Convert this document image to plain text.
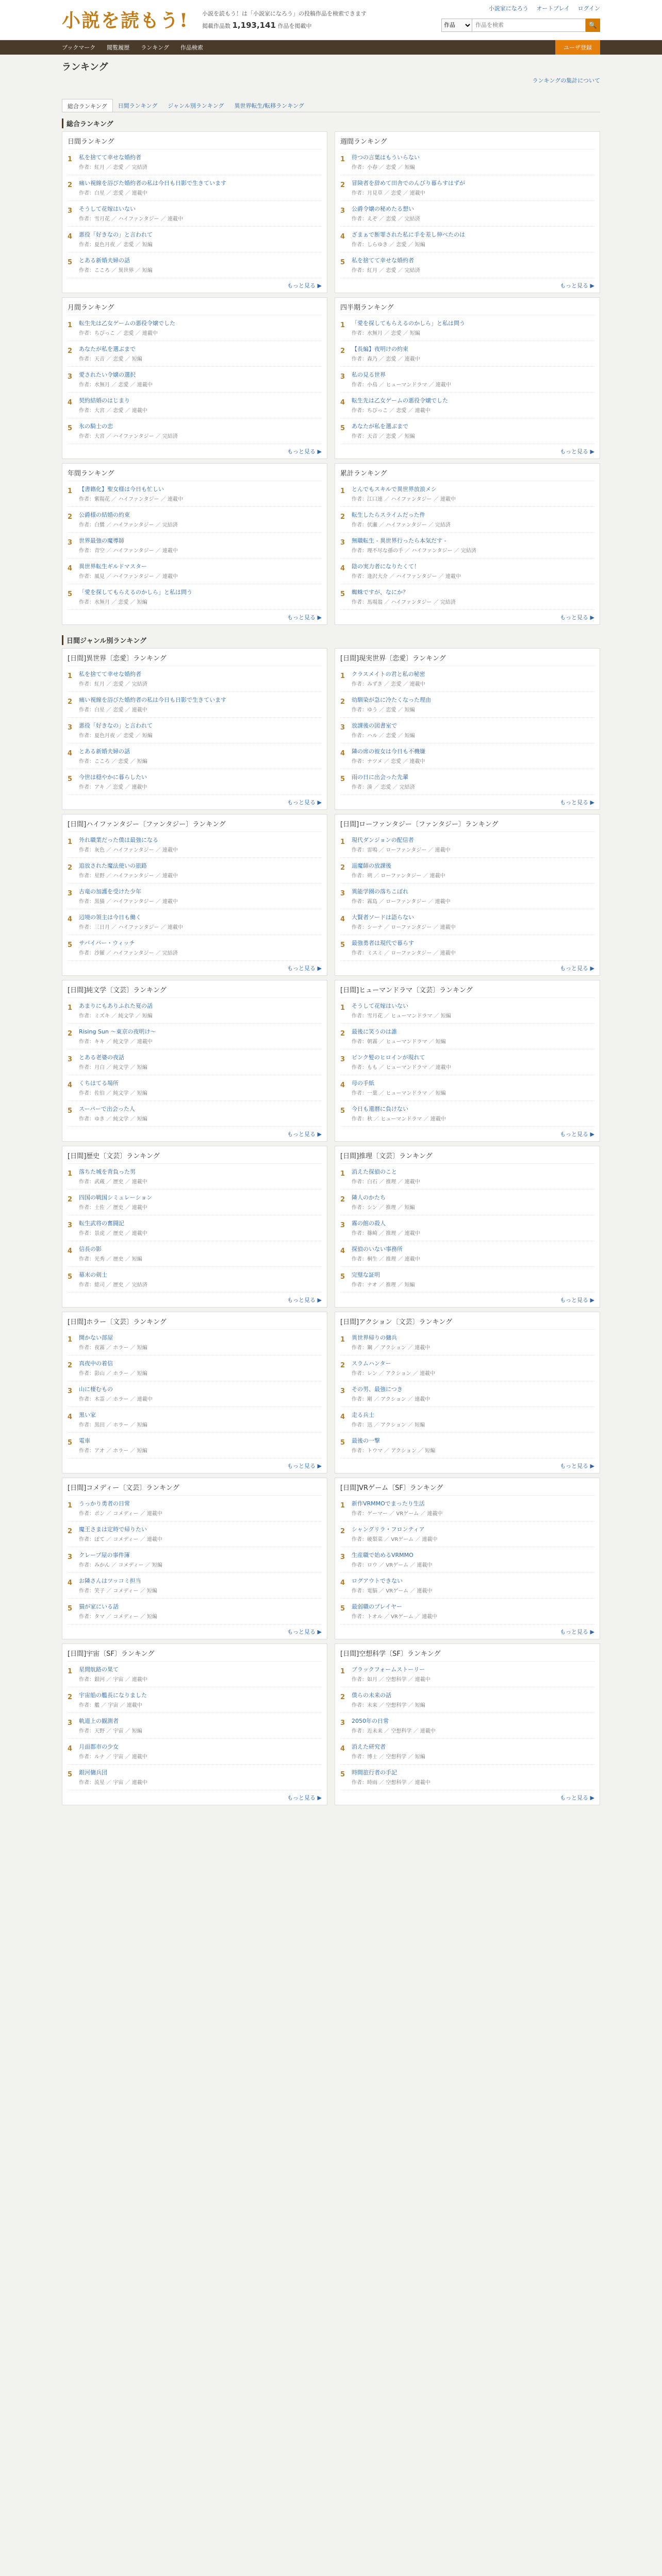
小説を読もう! 小説を読もう！は「小説家になろう」の投稿作品を検索できます
掲載作品数 1,193,141 作品を掲載中
小説家になろう オートプレイ ログイン
作品
作品を検索
🔍
ブックマーク 閲覧履歴 ランキング 作品検索	ユーザ登録
ランキング
ランキングの集計について
総合ランキング	日間ランキング	ジャンル別ランキング	異世界転生/転移ランキング
総合ランキング
日間ランキング
1	私を捨てて幸せな婚約者
作者：紅月 ／ 恋愛 ／ 完結済
2	痛い視線を浴びた婚約者の私は今日も日影で生きています
作者：白星 ／ 恋愛 ／ 連載中
3	そうして花嫁はいない
作者：雪月花 ／ ハイファンタジー ／ 連載中
4	悪役「好きなの」と言われて
作者：夏色月夜 ／ 恋愛 ／ 短編
5	とある新婚夫婦の話
作者：こころ ／ 異世界 ／ 短編
もっと見る ▶
週間ランキング
1	待つの言葉はもういらない
作者：小春 ／ 恋愛 ／ 短編
2	冒険者を辞めて田舎でのんびり暮らすはずが
作者：月見草 ／ 恋愛 ／ 連載中
3	公爵令嬢の秘めたる想い
作者：えぞ ／ 恋愛 ／ 完結済
4	ざまぁで断罪された私に手を差し伸べたのは
作者：しらゆき ／ 恋愛 ／ 短編
5	私を捨てて幸せな婚約者
作者：紅月 ／ 恋愛 ／ 完結済
もっと見る ▶
月間ランキング
1	転生先は乙女ゲームの悪役令嬢でした
作者：ちびっこ ／ 恋愛 ／ 連載中
2	あなたが私を選ぶまで
作者：天音 ／ 恋愛 ／ 短編
3	愛されたい令嬢の選択
作者：水無月 ／ 恋愛 ／ 連載中
4	契約結婚のはじまり
作者：大宮 ／ 恋愛 ／ 連載中
5	氷の騎士の恋
作者：大宮 ／ ハイファンタジー ／ 完結済
もっと見る ▶
四半期ランキング
1	「愛を探してもらえるのかしら」と私は問う
作者：水無月 ／ 恋愛 ／ 短編
2	【長編】夜明けの約束
作者：森乃 ／ 恋愛 ／ 連載中
3	私の見る世界
作者：小鳥 ／ ヒューマンドラマ ／ 連載中
4	転生先は乙女ゲームの悪役令嬢でした
作者：ちびっこ ／ 恋愛 ／ 連載中
5	あなたが私を選ぶまで
作者：天音 ／ 恋愛 ／ 短編
もっと見る ▶
年間ランキング
1	【書籍化】聖女様は今日も忙しい
作者：紫陽花 ／ ハイファンタジー ／ 連載中
2	公爵様の結婚の約束
作者：白鷺 ／ ハイファンタジー ／ 完結済
3	世界最強の魔導師
作者：青空 ／ ハイファンタジー ／ 連載中
4	異世界転生ギルドマスター
作者：風見 ／ ハイファンタジー ／ 連載中
5	「愛を探してもらえるのかしら」と私は問う
作者：水無月 ／ 恋愛 ／ 短編
もっと見る ▶
累計ランキング
1	とんでもスキルで異世界放浪メシ
作者：江口連 ／ ハイファンタジー ／ 連載中
2	転生したらスライムだった件
作者：伏瀬 ／ ハイファンタジー ／ 完結済
3	無職転生 - 異世界行ったら本気だす -
作者：理不尽な孫の手 ／ ハイファンタジー ／ 完結済
4	陰の実力者になりたくて！
作者：逢沢大介 ／ ハイファンタジー ／ 連載中
5	蜘蛛ですが、なにか？
作者：馬場翁 ／ ハイファンタジー ／ 完結済
もっと見る ▶
日間ジャンル別ランキング
[日間]異世界〔恋愛〕ランキング
1	私を捨てて幸せな婚約者
作者：紅月 ／ 恋愛 ／ 完結済
2	痛い視線を浴びた婚約者の私は今日も日影で生きています
作者：白星 ／ 恋愛 ／ 連載中
3	悪役「好きなの」と言われて
作者：夏色月夜 ／ 恋愛 ／ 短編
4	とある新婚夫婦の話
作者：こころ ／ 恋愛 ／ 短編
5	今世は穏やかに暮らしたい
作者：アキ ／ 恋愛 ／ 連載中
もっと見る ▶
[日間]現実世界〔恋愛〕ランキング
1	クラスメイトの君と私の秘密
作者：みずき ／ 恋愛 ／ 連載中
2	幼馴染が急に冷たくなった理由
作者：ゆう ／ 恋愛 ／ 短編
3	放課後の図書室で
作者：ハル ／ 恋愛 ／ 短編
4	隣の席の彼女は今日も不機嫌
作者：ナツメ ／ 恋愛 ／ 連載中
5	雨の日に出会った先輩
作者：湊 ／ 恋愛 ／ 完結済
もっと見る ▶
[日間]ハイファンタジー〔ファンタジー〕ランキング
1	外れ職業だった僕は最強になる
作者：灰色 ／ ハイファンタジー ／ 連載中
2	追放された魔法使いの旅路
作者：星野 ／ ハイファンタジー ／ 連載中
3	古竜の加護を受けた少年
作者：黒猫 ／ ハイファンタジー ／ 連載中
4	辺境の領主は今日も働く
作者：三日月 ／ ハイファンタジー ／ 連載中
5	サバイバー・ウィッチ
作者：沙羅 ／ ハイファンタジー ／ 完結済
もっと見る ▶
[日間]ローファンタジー〔ファンタジー〕ランキング
1	現代ダンジョンの配信者
作者：雷鳴 ／ ローファンタジー ／ 連載中
2	退魔師の放課後
作者：朔 ／ ローファンタジー ／ 連載中
3	異能学園の落ちこぼれ
作者：霧島 ／ ローファンタジー ／ 連載中
4	大賢者ソードは語らない
作者：シーナ ／ ローファンタジー ／ 連載中
5	最強勇者は現代で暮らす
作者：ミスミ ／ ローファンタジー ／ 連載中
もっと見る ▶
[日間]純文学〔文芸〕ランキング
1	あまりにもありふれた夏の話
作者：ミズキ ／ 純文学 ／ 短編
2	Rising Sun ～東京の夜明け～
作者：キキ ／ 純文学 ／ 連載中
3	とある老婆の夜話
作者：月白 ／ 純文学 ／ 短編
4	くちはてる場所
作者：佐伯 ／ 純文学 ／ 短編
5	スーパーで出会った人
作者：ゆき ／ 純文学 ／ 短編
もっと見る ▶
[日間]ヒューマンドラマ〔文芸〕ランキング
1	そうして花嫁はいない
作者：雪月花 ／ ヒューマンドラマ ／ 短編
2	最後に笑うのは誰
作者：朝霧 ／ ヒューマンドラマ ／ 短編
3	ピンク髪のヒロインが現れて
作者：もも ／ ヒューマンドラマ ／ 連載中
4	母の手紙
作者：一葉 ／ ヒューマンドラマ ／ 短編
5	今日も還暦に負けない
作者：秋 ／ ヒューマンドラマ ／ 連載中
もっと見る ▶
[日間]歴史〔文芸〕ランキング
1	落ちた城を背負った男
作者：武蔵 ／ 歴史 ／ 連載中
2	四国の戦国シミュレーション
作者：土佐 ／ 歴史 ／ 連載中
3	転生武将の奮闘記
作者：景虎 ／ 歴史 ／ 連載中
4	信長の影
作者：光秀 ／ 歴史 ／ 短編
5	幕末の剣士
作者：総司 ／ 歴史 ／ 完結済
もっと見る ▶
[日間]推理〔文芸〕ランキング
1	消えた探偵のこと
作者：白石 ／ 推理 ／ 連載中
2	隣人のかたち
作者：シン ／ 推理 ／ 短編
3	霧の館の殺人
作者：篠崎 ／ 推理 ／ 連載中
4	探偵のいない事務所
作者：桐生 ／ 推理 ／ 連載中
5	完璧な証明
作者：ナオ ／ 推理 ／ 短編
もっと見る ▶
[日間]ホラー〔文芸〕ランキング
1	開かない部屋
作者：夜霧 ／ ホラー ／ 短編
2	真夜中の着信
作者：影山 ／ ホラー ／ 短編
3	山に棲むもの
作者：木霊 ／ ホラー ／ 連載中
4	黒い家
作者：黒田 ／ ホラー ／ 短編
5	電車
作者：アオ ／ ホラー ／ 短編
もっと見る ▶
[日間]アクション〔文芸〕ランキング
1	異世界帰りの傭兵
作者：鋼 ／ アクション ／ 連載中
2	スラムハンター
作者：レン ／ アクション ／ 連載中
3	その男、最強につき
作者：剛 ／ アクション ／ 連載中
4	走る兵士
作者：迅 ／ アクション ／ 短編
5	最後の一撃
作者：トウマ ／ アクション ／ 短編
もっと見る ▶
[日間]コメディー〔文芸〕ランキング
1	うっかり勇者の日常
作者：ポン ／ コメディー ／ 連載中
2	魔王さまは定時で帰りたい
作者：ぽて ／ コメディー ／ 連載中
3	クレープ屋の事件簿
作者：みかん ／ コメディー ／ 短編
4	お隣さんはツッコミ担当
作者：笑子 ／ コメディー ／ 短編
5	猫が家にいる話
作者：タマ ／ コメディー ／ 短編
もっと見る ▶
[日間]VRゲーム〔SF〕ランキング
1	新作VRMMOでまったり生活
作者：ゲーマー ／ VRゲーム ／ 連載中
2	シャングリラ・フロンティア
作者：硬梨菜 ／ VRゲーム ／ 連載中
3	生産職で始めるVRMMO
作者：ロウ ／ VRゲーム ／ 連載中
4	ログアウトできない
作者：電脳 ／ VRゲーム ／ 連載中
5	最弱職のプレイヤー
作者：トオル ／ VRゲーム ／ 連載中
もっと見る ▶
[日間]宇宙〔SF〕ランキング
1	星間航路の果て
作者：銀河 ／ 宇宙 ／ 連載中
2	宇宙船の艦長になりました
作者：艦 ／ 宇宙 ／ 連載中
3	軌道上の観測者
作者：天野 ／ 宇宙 ／ 短編
4	月面都市の少女
作者：ルナ ／ 宇宙 ／ 連載中
5	銀河傭兵団
作者：流星 ／ 宇宙 ／ 連載中
もっと見る ▶
[日間]空想科学〔SF〕ランキング
1	ブラックフォームストーリー
作者：如月 ／ 空想科学 ／ 連載中
2	僕らの未来の話
作者：未来 ／ 空想科学 ／ 短編
3	2050年の日常
作者：近未来 ／ 空想科学 ／ 連載中
4	消えた研究者
作者：博士 ／ 空想科学 ／ 短編
5	時間旅行者の手記
作者：時雨 ／ 空想科学 ／ 連載中
もっと見る ▶
